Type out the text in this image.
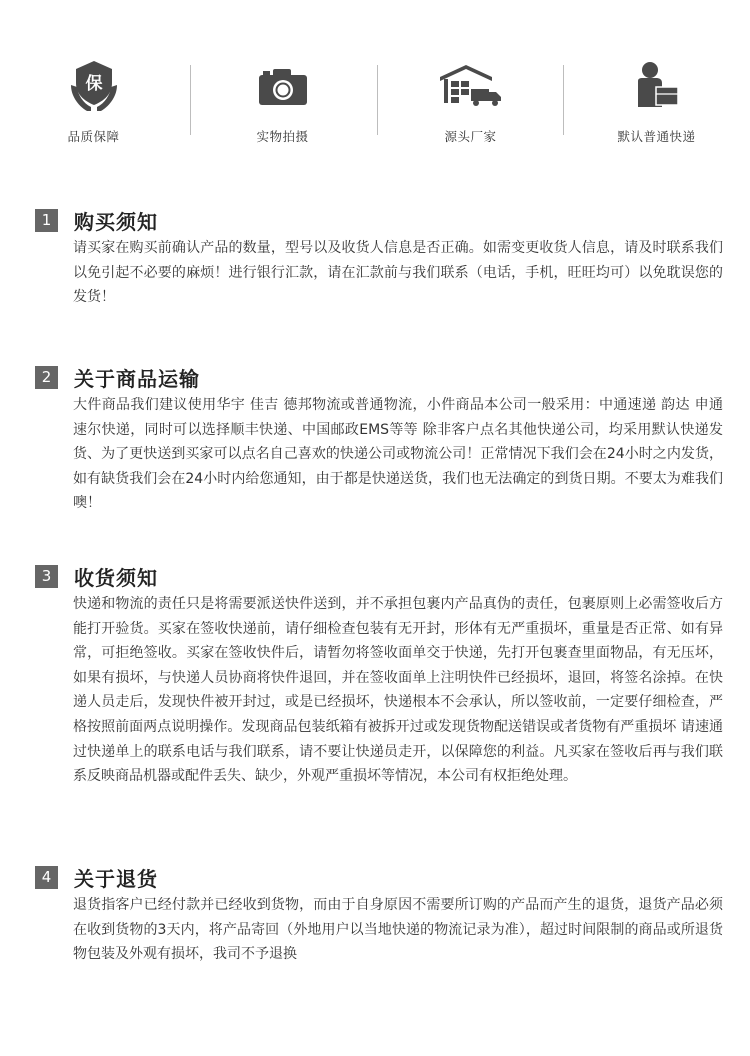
保
品质保障	实物拍摄	源头厂家	默认普通快递
1	购买须知
请买家在购买前确认产品的数量，型号以及收货人信息是否正确。如需变更收货人信息，请及时联系我们以免引起不必要的麻烦！进行银行汇款，请在汇款前与我们联系（电话，手机，旺旺均可）以免耽误您的发货！
2	关于商品运输
大件商品我们建议使用华宇 佳吉 德邦物流或普通物流，小件商品本公司一般采用：中通速递 韵达 申通 速尔快递，同时可以选择顺丰快递、中国邮政EMS等等 除非客户点名其他快递公司，均采用默认快递发货、为了更快送到买家可以点名自己喜欢的快递公司或物流公司！正常情况下我们会在24小时之内发货，如有缺货我们会在24小时内给您通知，由于都是快递送货，我们也无法确定的到货日期。不要太为难我们噢！
3	收货须知
快递和物流的责任只是将需要派送快件送到，并不承担包裹内产品真伪的责任，包裹原则上必需签收后方能打开验货。买家在签收快递前，请仔细检查包装有无开封，形体有无严重损坏，重量是否正常、如有异常，可拒绝签收。买家在签收快件后，请暂勿将签收面单交于快递，先打开包裹查里面物品，有无压坏，如果有损坏，与快递人员协商将快件退回，并在签收面单上注明快件已经损坏，退回，将签名涂掉。在快递人员走后，发现快件被开封过，或是已经损坏，快递根本不会承认，所以签收前，一定要仔细检查，严格按照前面两点说明操作。发现商品包装纸箱有被拆开过或发现货物配送错误或者货物有严重损坏 请速通过快递单上的联系电话与我们联系，请不要让快递员走开，以保障您的利益。凡买家在签收后再与我们联系反映商品机器或配件丢失、缺少，外观严重损坏等情况，本公司有权拒绝处理。
4	关于退货
退货指客户已经付款并已经收到货物，而由于自身原因不需要所订购的产品而产生的退货，退货产品必须在收到货物的3天内，将产品寄回（外地用户以当地快递的物流记录为准），超过时间限制的商品或所退货物包装及外观有损坏，我司不予退换
